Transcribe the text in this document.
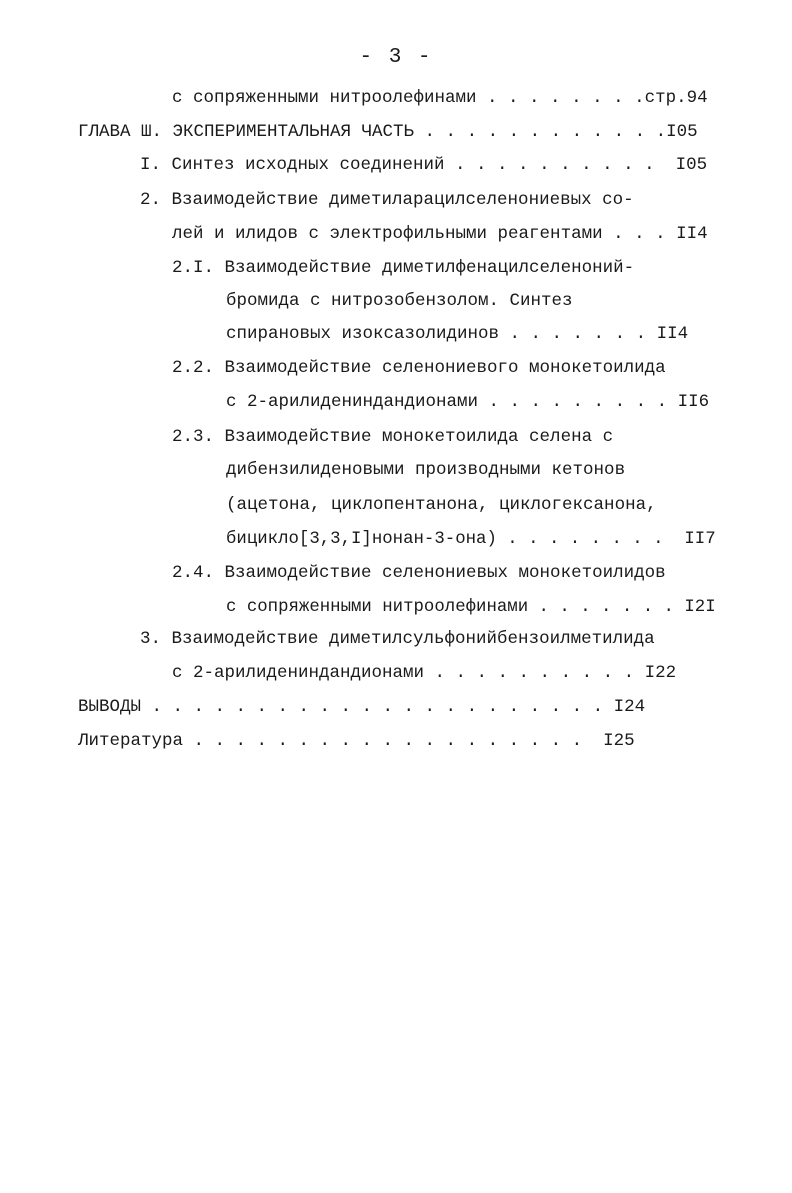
- 3 -
с сопряженными нитроолефинами . . . . . . . .стр.94
ГЛАВА Ш. ЭКСПЕРИМЕНТАЛЬНАЯ ЧАСТЬ . . . . . . . . . . . .I05
I. Синтез исходных соединений . . . . . . . . . .  I05
2. Взаимодействие диметиларацилселенониевых со-
лей и илидов с электрофильными реагентами . . . II4
2.I. Взаимодействие диметилфенацилселеноний-
бромида с нитрозобензолом. Синтез
спирановых изоксазолидинов . . . . . . . II4
2.2. Взаимодействие селенониевого монокетоилида
с 2-арилидениндандионами . . . . . . . . . II6
2.3. Взаимодействие монокетоилида селена с
дибензилиденовыми производными кетонов
(ацетона, циклопентанона, циклогексанона,
бицикло[3,3,I]нонан-3-она) . . . . . . . .  II7
2.4. Взаимодействие селенониевых монокетоилидов
с сопряженными нитроолефинами . . . . . . . I2I
3. Взаимодействие диметилсульфонийбензоилметилида
с 2-арилидениндандионами . . . . . . . . . . I22
ВЫВОДЫ . . . . . . . . . . . . . . . . . . . . . . I24
Литература . . . . . . . . . . . . . . . . . . .  I25
